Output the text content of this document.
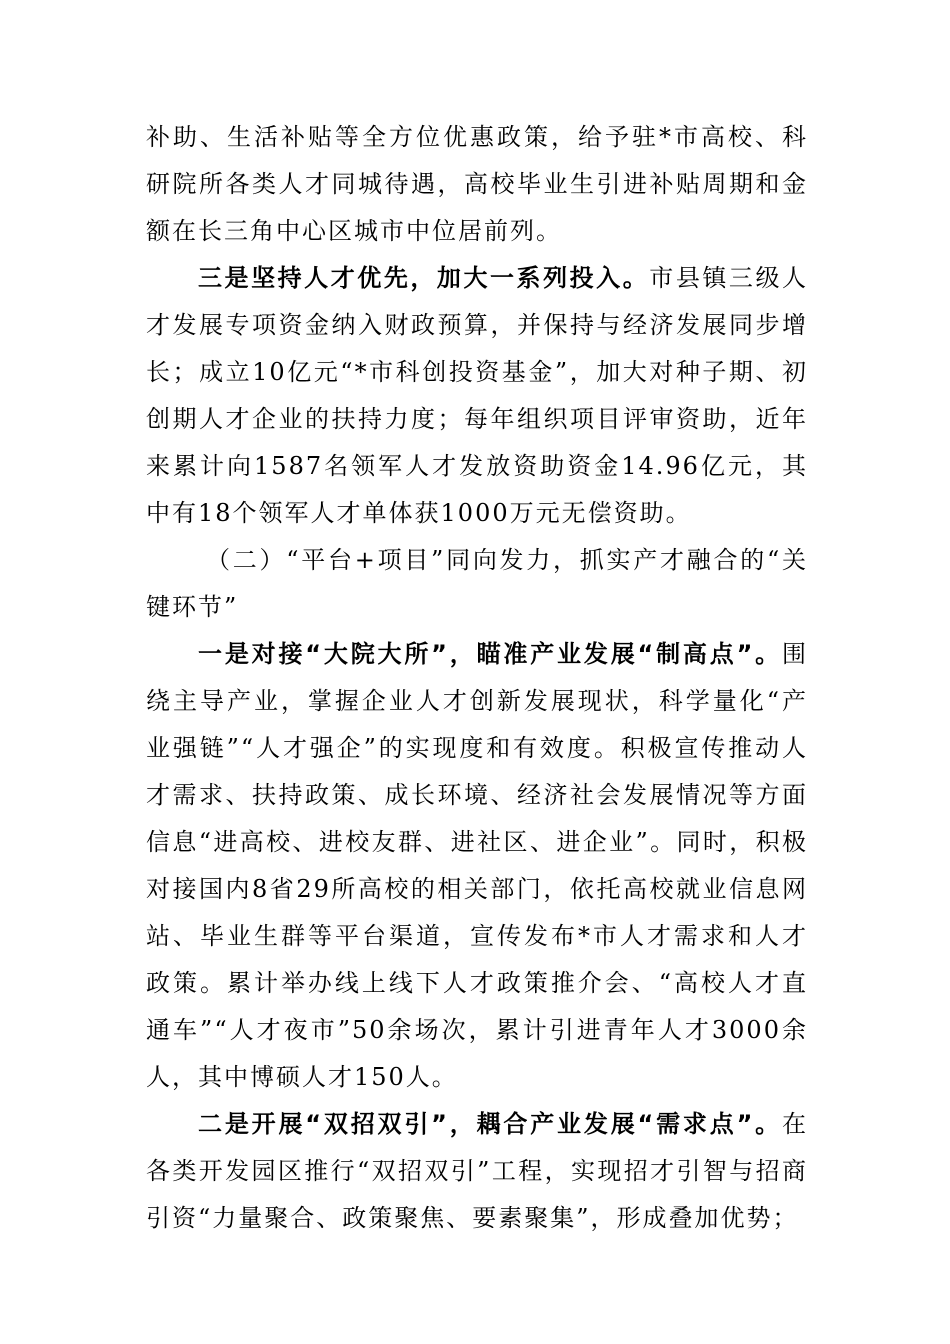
补助、生活补贴等全方位优惠政策，给予驻*市高校、科研院所各类人才同城待遇，高校毕业生引进补贴周期和金额在长三角中心区城市中位居前列。

三是坚持人才优先，加大一系列投入。市县镇三级人才发展专项资金纳入财政预算，并保持与经济发展同步增长；成立10亿元“*市科创投资基金”，加大对种子期、初创期人才企业的扶持力度；每年组织项目评审资助，近年来累计向1587名领军人才发放资助资金14.96亿元，其中有18个领军人才单体获1000万元无偿资助。

（二）“平台+项目”同向发力，抓实产才融合的“关键环节”

一是对接“大院大所”，瞄准产业发展“制高点”。围绕主导产业，掌握企业人才创新发展现状，科学量化“产业强链”“人才强企”的实现度和有效度。积极宣传推动人才需求、扶持政策、成长环境、经济社会发展情况等方面信息“进高校、进校友群、进社区、进企业”。同时，积极对接国内8省29所高校的相关部门，依托高校就业信息网站、毕业生群等平台渠道，宣传发布*市人才需求和人才政策。累计举办线上线下人才政策推介会、“高校人才直通车”“人才夜市”50余场次，累计引进青年人才3000余人，其中博硕人才150人。

二是开展“双招双引”，耦合产业发展“需求点”。在各类开发园区推行“双招双引”工程，实现招才引智与招商引资“力量聚合、政策聚焦、要素聚集”，形成叠加优势；
